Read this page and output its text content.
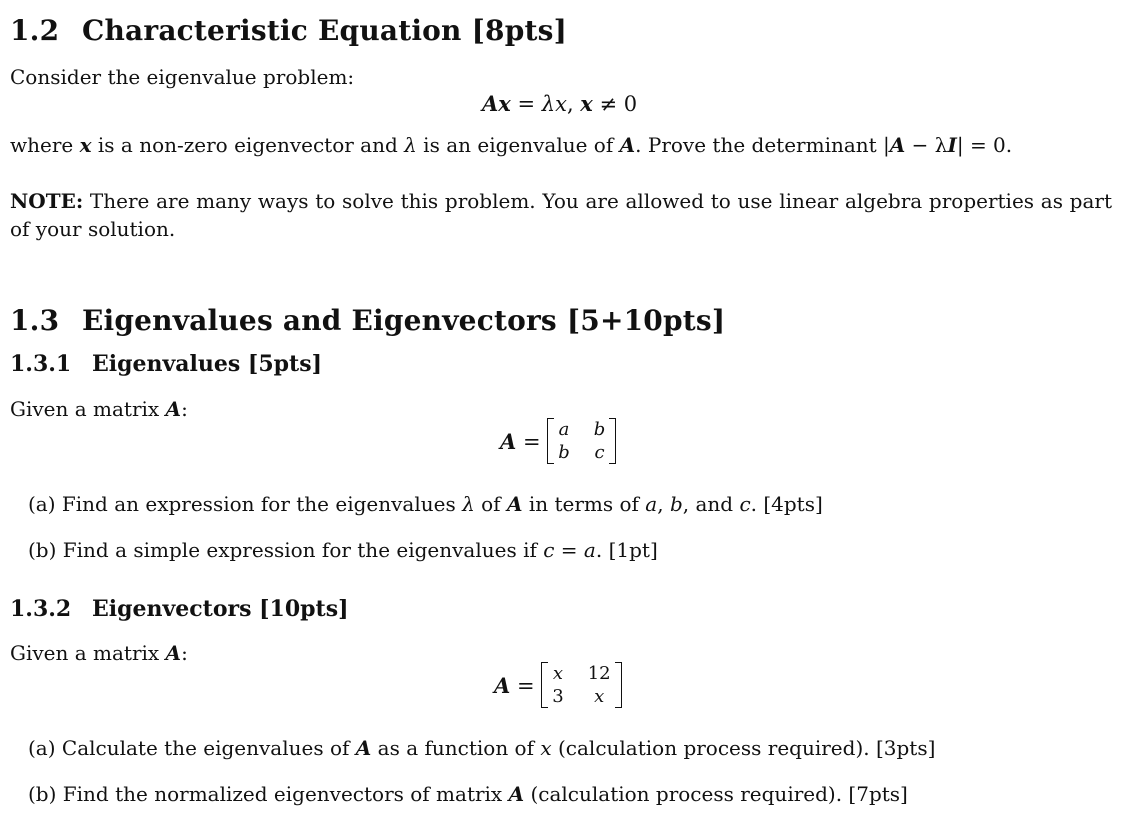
1.2 Characteristic Equation [8pts]
Consider the eigenvalue problem:
Ax = λx, x ≠ 0
where x is a non-zero eigenvector and λ is an eigenvalue of A. Prove the determinant |A − λI| = 0.
NOTE: There are many ways to solve this problem. You are allowed to use linear algebra properties as part of your solution.
1.3 Eigenvalues and Eigenvectors [5+10pts]
1.3.1 Eigenvalues [5pts]
Given a matrix A:
A = a b
b c
(a) Find an expression for the eigenvalues λ of A in terms of a, b, and c. [4pts]
(b) Find a simple expression for the eigenvalues if c = a. [1pt]
1.3.2 Eigenvectors [10pts]
Given a matrix A:
A = x 12
3	x
(a) Calculate the eigenvalues of A as a function of x (calculation process required). [3pts]
(b) Find the normalized eigenvectors of matrix A (calculation process required). [7pts]
